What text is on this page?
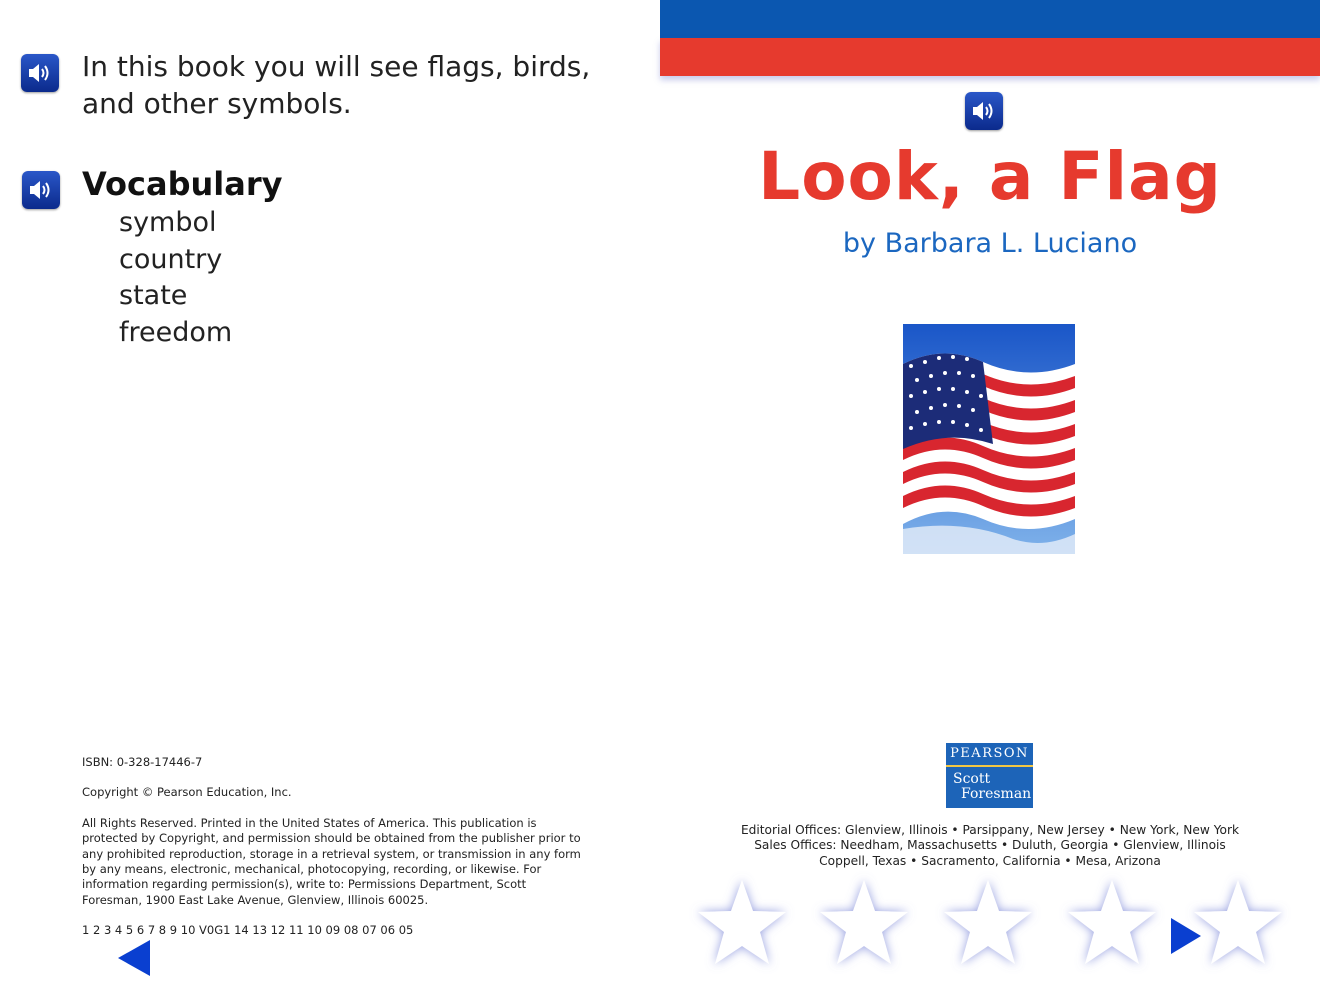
In this book you will see flags, birds, and other symbols.
Vocabulary
symbol
country
state
freedom

ISBN: 0-328-17446-7

Copyright © Pearson Education, Inc.

All Rights Reserved. Printed in the United States of America. This publication is protected by Copyright, and permission should be obtained from the publisher prior to any prohibited reproduction, storage in a retrieval system, or transmission in any form by any means, electronic, mechanical, photocopying, recording, or likewise. For information regarding permission(s), write to: Permissions Department, Scott Foresman, 1900 East Lake Avenue, Glenview, Illinois 60025.

1 2 3 4 5 6 7 8 9 10 V0G1 14 13 12 11 10 09 08 07 06 05

Look, a Flag
by Barbara L. Luciano
PEARSON
Scott
Foresman
Editorial Offices: Glenview, Illinois • Parsippany, New Jersey • New York, New York
Sales Offices: Needham, Massachusetts • Duluth, Georgia • Glenview, Illinois
Coppell, Texas • Sacramento, California • Mesa, Arizona
